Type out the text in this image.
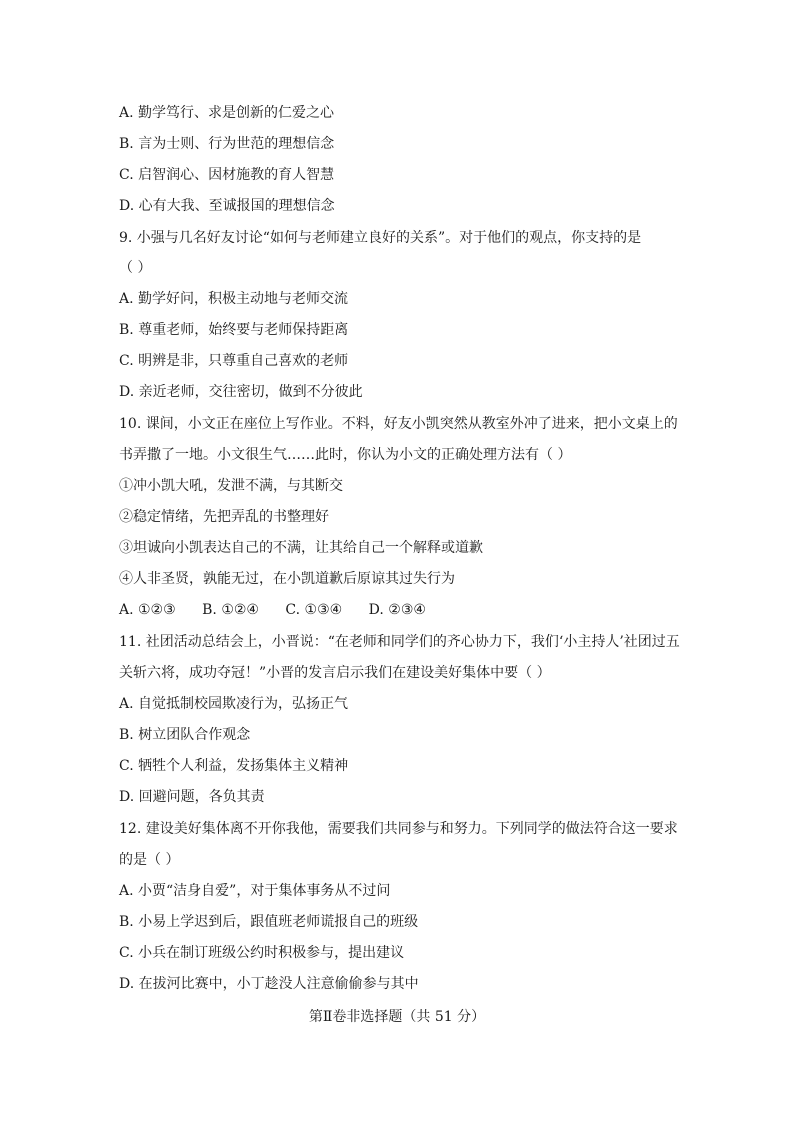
A. 勤学笃行、求是创新的仁爱之心
B. 言为士则、行为世范的理想信念
C. 启智润心、因材施教的育人智慧
D. 心有大我、至诚报国的理想信念
9. 小强与几名好友讨论“如何与老师建立良好的关系”。对于他们的观点，你支持的是
（ ）
A. 勤学好问，积极主动地与老师交流
B. 尊重老师，始终要与老师保持距离
C. 明辨是非，只尊重自己喜欢的老师
D. 亲近老师，交往密切，做到不分彼此
10. 课间，小文正在座位上写作业。不料，好友小凯突然从教室外冲了进来，把小文桌上的
书弄撒了一地。小文很生气……此时，你认为小文的正确处理方法有（ ）
①冲小凯大吼，发泄不满，与其断交
②稳定情绪，先把弄乱的书整理好
③坦诚向小凯表达自己的不满，让其给自己一个解释或道歉
④人非圣贤，孰能无过，在小凯道歉后原谅其过失行为
A. ①②③ B. ①②④ C. ①③④ D. ②③④
11. 社团活动总结会上，小晋说：“在老师和同学们的齐心协力下，我们‘小主持人’社团过五
关斩六将，成功夺冠！”小晋的发言启示我们在建设美好集体中要（ ）
A. 自觉抵制校园欺凌行为，弘扬正气
B. 树立团队合作观念
C. 牺牲个人利益，发扬集体主义精神
D. 回避问题，各负其责
12. 建设美好集体离不开你我他，需要我们共同参与和努力。下列同学的做法符合这一要求
的是（ ）
A. 小贾“洁身自爱”，对于集体事务从不过问
B. 小易上学迟到后，跟值班老师谎报自己的班级
C. 小兵在制订班级公约时积极参与，提出建议
D. 在拔河比赛中，小丁趁没人注意偷偷参与其中
第Ⅱ卷非选择题（共 51 分）
